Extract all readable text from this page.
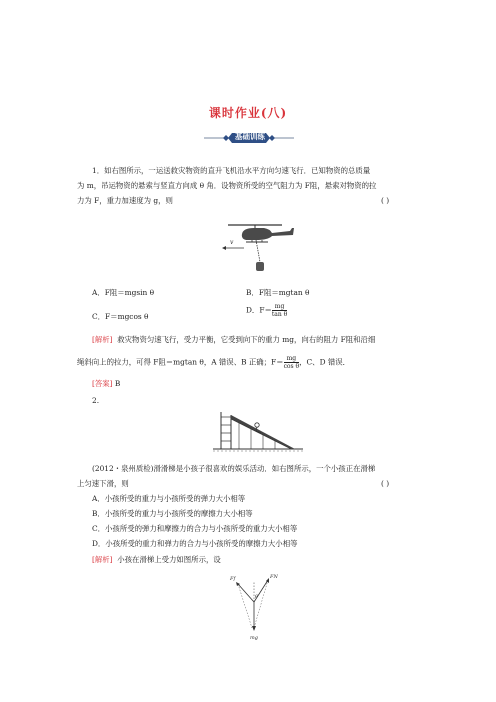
课时作业(八)
基础训练
1．如右图所示，一运送救灾物资的直升飞机沿水平方向匀速飞行．已知物资的总质量
为 m，吊运物资的悬索与竖直方向成 θ 角．设物资所受的空气阻力为 F阻，悬索对物资的拉
力为 F，重力加速度为 g，则	( )
v
A．F阻＝mgsin θ	B．F阻＝mgtan θ
C．F＝mgcos θ
D．$F= \frac{mg}{\text{tan θ}}$
[解析] 救灾物资匀速飞行，受力平衡，它受到向下的重力 mg，向右的阻力 F阻和沿细
绳斜向上的拉力，可得 F阻＝mgtan θ，A 错误、B 正确；$F= \frac{mg}{\text{cos θ}}$ ，C、D 错误．
[答案] B
2.
(2012・泉州质检)滑滑梯是小孩子很喜欢的娱乐活动．如右图所示，一个小孩正在滑梯
上匀速下滑，则	( )
A．小孩所受的重力与小孩所受的弹力大小相等
B．小孩所受的重力与小孩所受的摩擦力大小相等
C．小孩所受的弹力和摩擦力的合力与小孩所受的重力大小相等
D．小孩所受的重力和弹力的合力与小孩所受的摩擦力大小相等
[解析] 小孩在滑梯上受力如图所示，设
Ff	FN
θ
mg
